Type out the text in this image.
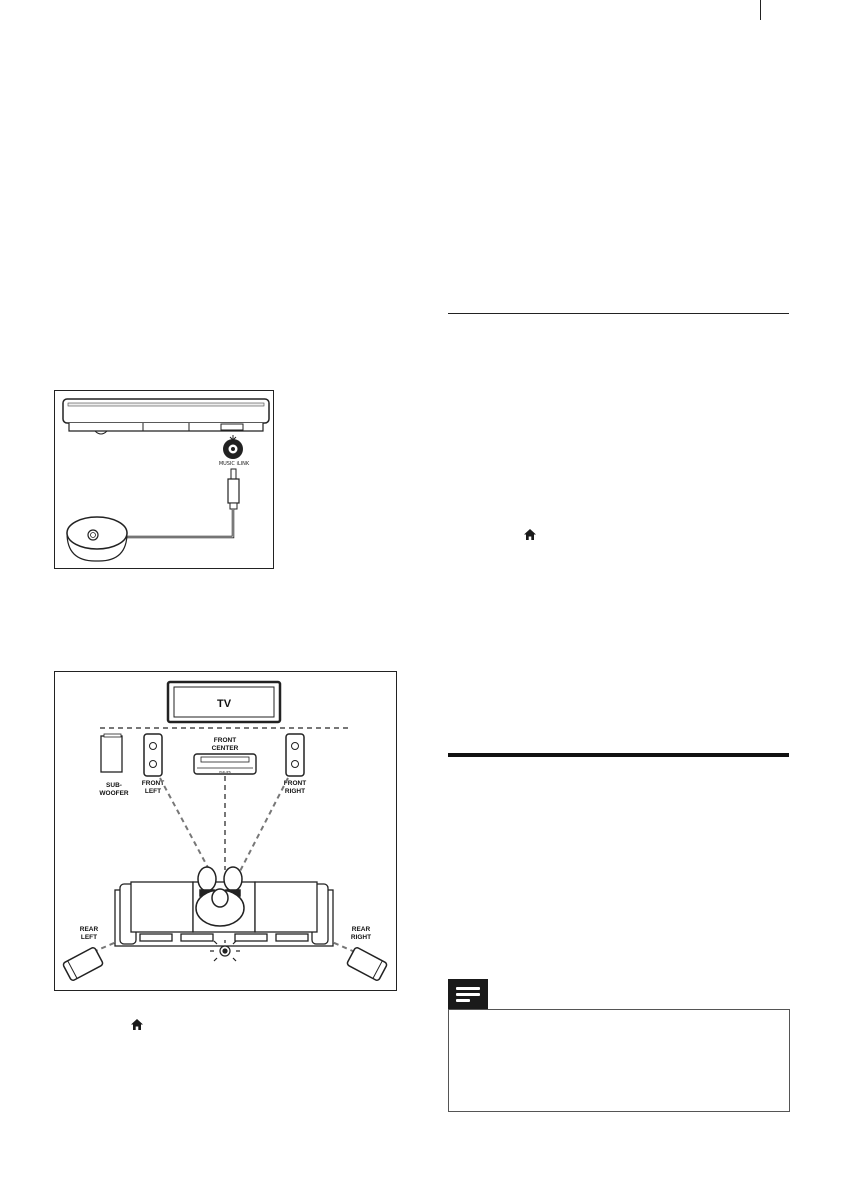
MUSIC iLINK
TV
SUB-
WOOFER
FRONT
LEFT
FRONT
CENTER
PHILIPS
FRONT
RIGHT
REAR
LEFT
REAR
RIGHT
